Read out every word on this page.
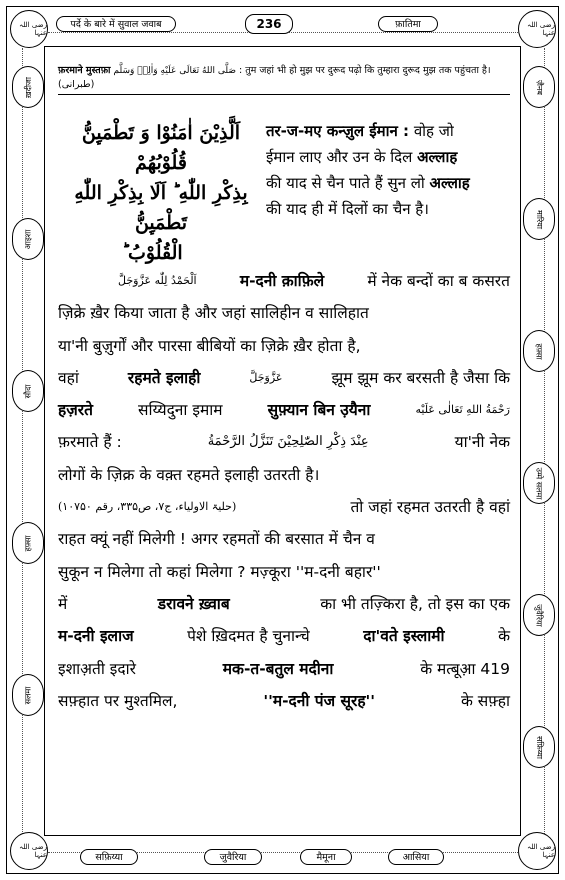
رضی اللہ عنہا
رضی اللہ عنہا
पर्दे के बारे में सुवाल जवाब	236	फ़ातिमा
फ़रमाने मुस्तफ़ा صَلَّى اللهُ تَعَالَى عَلَيْهِ وَاٰلِهٖ وَسَلَّم : तुम जहां भी हो मुझ पर दुरूद पढ़ो कि तुम्हारा दुरूद मुझ तक पहुंचता है। (طبرانی)
اَلَّذِیْنَ اٰمَنُوْا وَ تَطْمَىِٕنُّ قُلُوْبُهُمْ
بِذِكْرِ اللّٰهِ ؕ اَلَا بِذِكْرِ اللّٰهِ تَطْمَىِٕنُّ
الْقُلُوْبُ ؕ
तर-ज-मए कन्ज़ुल ईमान : वोह जो
ईमान लाए और उन के दिल अल्लाह
की याद से चैन पाते हैं सुन लो अल्लाह
की याद ही में दिलों का चैन है।
اَلْحَمْدُ لِلّٰه عَزَّوَجَلَّ	म-दनी क़ाफ़िले	में नेक बन्दों का ब कसरत
ज़िक्रे ख़ैर किया जाता है और जहां सालिहीन व सालिहात
या'नी बुज़ुर्गों और पारसा बीबियों का ज़िक्रे ख़ैर होता है,
वहां	रहमते इलाही	عَزَّوَجَلَّ	झूम झूम कर बरसती है जैसा कि
हज़रते	सय्यिदुना इमाम	सुफ़्यान बिन उ़यैना	رَحْمَةُ اللهِ تَعَالٰی عَلَیْه
फ़रमाते हैं :	عِنْدَ ذِكْرِ الصّٰلِحِيْنَ تَنَزَّلُ الرَّحْمَةُ	या'नी नेक
लोगों के ज़िक्र के वक़्त रहमते इलाही उतरती है।
(حلیۃ الاولیاء، ج۷، ص۳۳۵، رقم ۱۰۷۵۰)	तो जहां रहमत उतरती है वहां
राहत क्यूं नहीं मिलेगी ! अगर रहमतों की बरसात में चैन व
सुकून न मिलेगा तो कहां मिलेगा ? मज़्कूरा ''म-दनी बहार''
में	डरावने ख़्वाब	का भी तज़्किरा है, तो इस का एक
म-दनी इलाज	पेशे ख़िदमत है चुनान्चे	दा'वते इस्लामी	के
इशाअ़ती इदारे	मक-त-बतुल मदीना	के मत्बूआ़ 419
सफ़्हात पर मुश्तमिल,	''म-दनी पंज सूरह''	के सफ़्हा
ख़दीजा
आइशा
सौदा
हफ़्सा
सलमा
ज़ैनब
मारिया
हफ़्सा
उम्मे सलमा
जुवैरिया
सफ़िय्या
رضی اللہ عنہا
رضی اللہ عنہا
सफ़िय्या	जुवैरिया	मैमूना	आसिया
